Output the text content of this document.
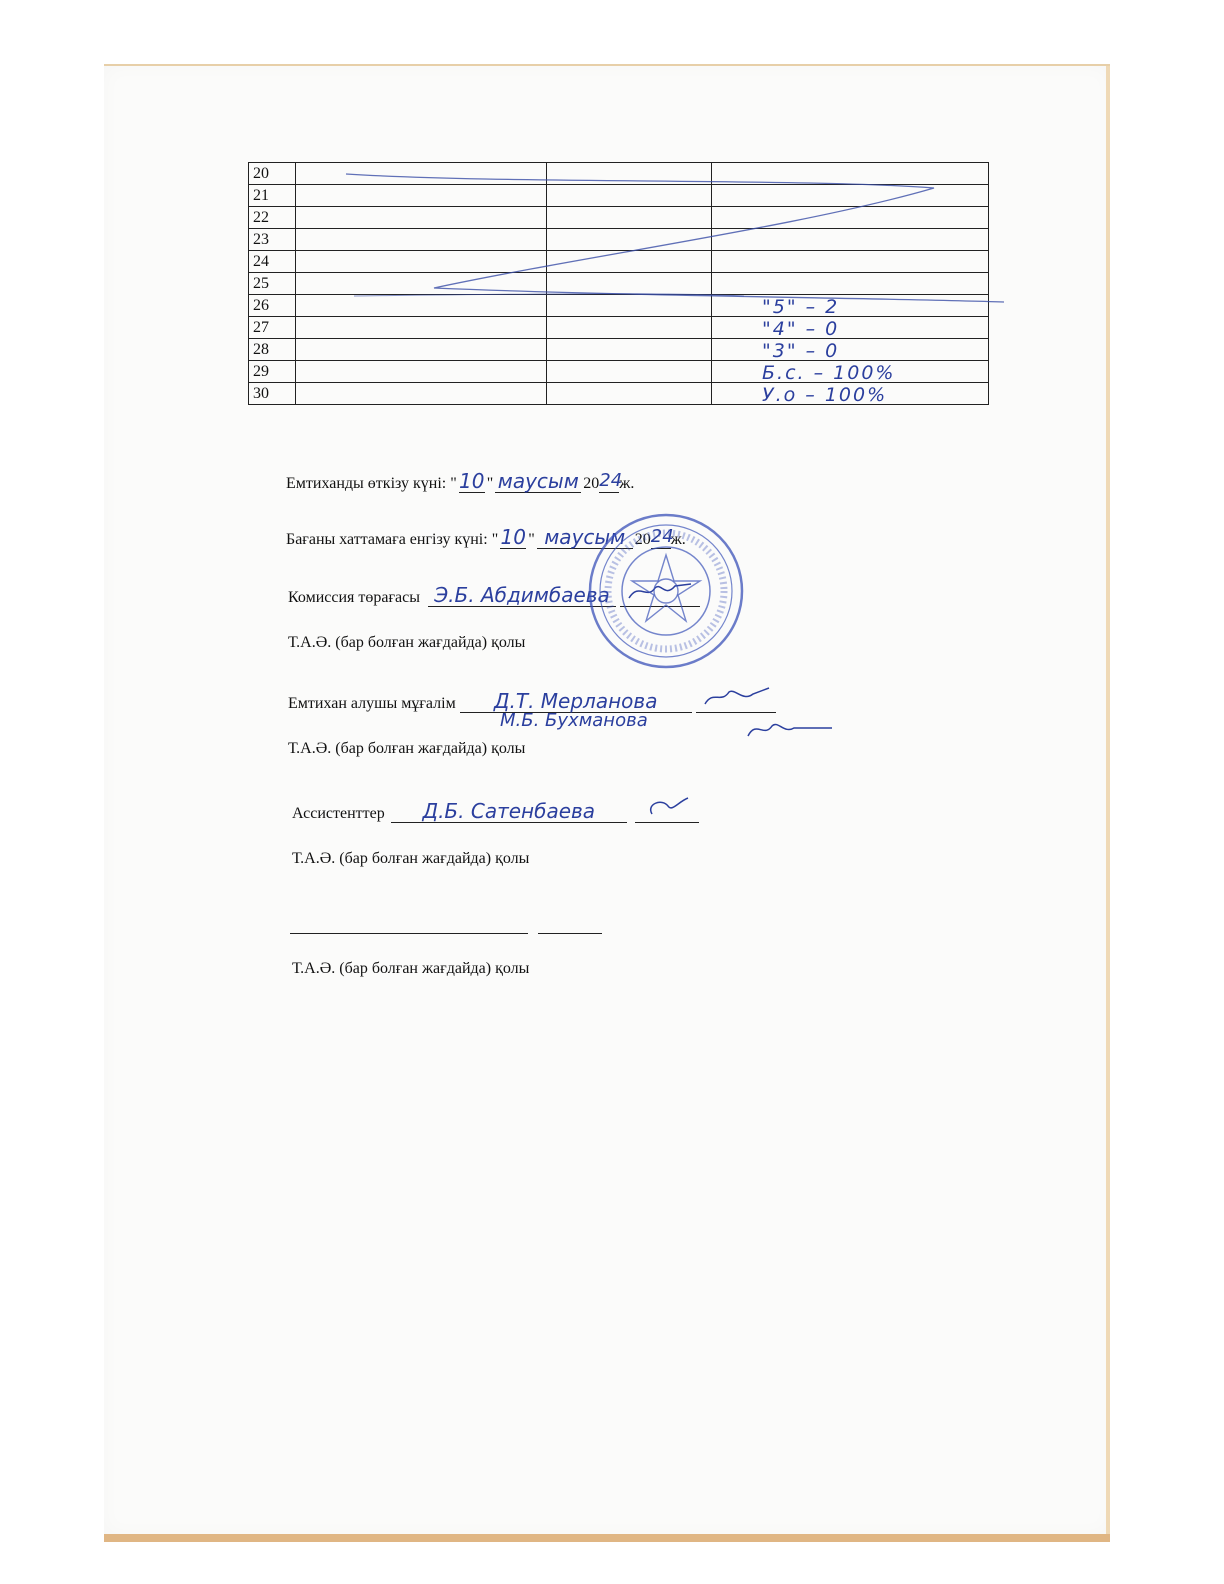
20			
21			
22			
23			
24			
25			
26			"5" – 2

27			"4" – 0

28			"3" – 0

29			Б.с. – 100%

30			У.о – 100%
Емтиханды өткізу күні: " 10 " маусым 20 24
ж.
Бағаны хаттамаға енгізу күні: " 10 " маусым 20 24
ж.
Комиссия төрағасы Э.Б. Абдимбаева
Т.А.Ә. (бар болған жағдайда) қолы
Емтихан алушы мұғалім	Д.Т. Мерланова
М.Б. Бухманова
Т.А.Ә. (бар болған жағдайда) қолы
Ассистенттер	Д.Б. Сатенбаева
Т.А.Ә. (бар болған жағдайда) қолы

Т.А.Ә. (бар болған жағдайда) қолы
